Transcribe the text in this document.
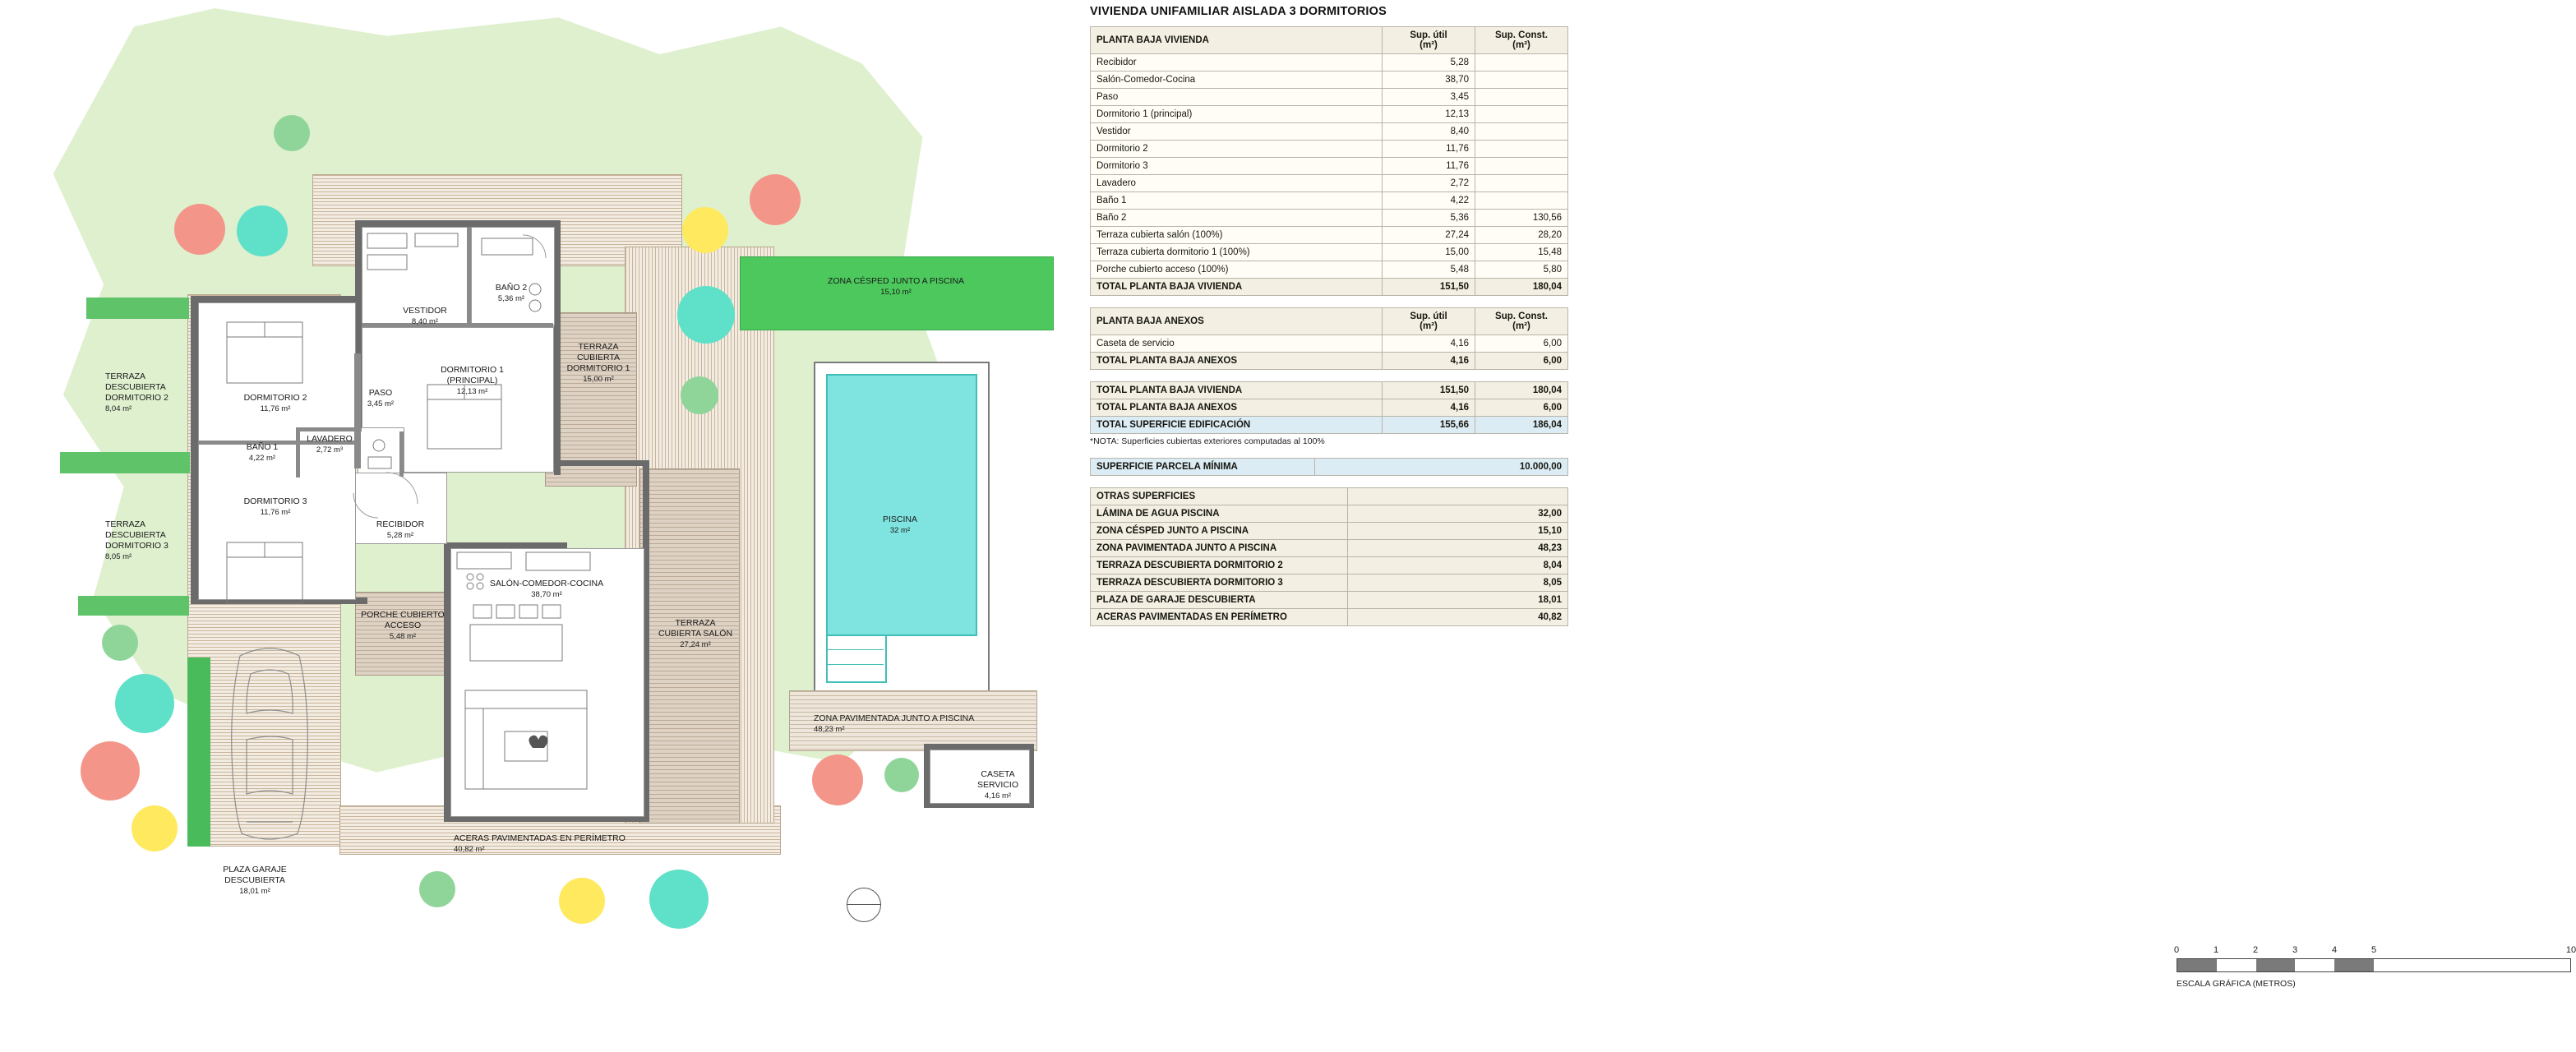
VESTIDOR
8,40 m²
BAÑO 2
5,36 m²
DORMITORIO 2
11,76 m²
PASO
3,45 m²
DORMITORIO 1 (PRINCIPAL)
12,13 m²
TERRAZA CUBIERTA DORMITORIO 1
15,00 m²
BAÑO 1
4,22 m²
LAVADERO
2,72 m³
DORMITORIO 3
11,76 m²
RECIBIDOR
5,28 m²
SALÓN-COMEDOR-COCINA
38,70 m²
PORCHE CUBIERTO ACCESO
5,48 m²
TERRAZA CUBIERTA SALÓN
27,24 m²
TERRAZA DESCUBIERTA DORMITORIO 2
8,04 m²
TERRAZA DESCUBIERTA DORMITORIO 3
8,05 m²
ZONA CÉSPED JUNTO A PISCINA
15,10 m²
PISCINA
32 m²
ZONA PAVIMENTADA JUNTO A PISCINA
48,23 m²
CASETA SERVICIO
4,16 m²
ACERAS PAVIMENTADAS EN PERÍMETRO
40,82 m²
PLAZA GARAJE DESCUBIERTA
18,01 m²
VIVIENDA UNIFAMILIAR AISLADA 3 DORMITORIOS
PLANTA BAJA VIVIENDA	Sup. útil
(m²)	Sup. Const.
(m²)
Recibidor	5,28	
Salón-Comedor-Cocina	38,70	
Paso	3,45	
Dormitorio 1 (principal)	12,13	
Vestidor	8,40	
Dormitorio 2	11,76	
Dormitorio 3	11,76	
Lavadero	2,72	
Baño 1	4,22	
Baño 2	5,36	130,56
Terraza cubierta salón (100%)	27,24	28,20
Terraza cubierta dormitorio 1 (100%)	15,00	15,48
Porche cubierto acceso (100%)	5,48	5,80
TOTAL PLANTA BAJA VIVIENDA	151,50	180,04
PLANTA BAJA ANEXOS	Sup. útil
(m²)	Sup. Const.
(m²)
Caseta de servicio	4,16	6,00
TOTAL PLANTA BAJA ANEXOS	4,16	6,00
TOTAL PLANTA BAJA VIVIENDA	151,50	180,04
TOTAL PLANTA BAJA ANEXOS	4,16	6,00
TOTAL SUPERFICIE EDIFICACIÓN	155,66	186,04
*NOTA: Superficies cubiertas exteriores computadas al 100%
SUPERFICIE PARCELA MÍNIMA	10.000,00
OTRAS SUPERFICIES	
LÁMINA DE AGUA PISCINA	32,00
ZONA CÉSPED JUNTO A PISCINA	15,10
ZONA PAVIMENTADA JUNTO A PISCINA	48,23
TERRAZA DESCUBIERTA DORMITORIO 2	8,04
TERRAZA DESCUBIERTA DORMITORIO 3	8,05
PLAZA DE GARAJE DESCUBIERTA	18,01
ACERAS PAVIMENTADAS EN PERÍMETRO	40,82
0	1	2	3	4	5	10
ESCALA GRÁFICA (METROS)
